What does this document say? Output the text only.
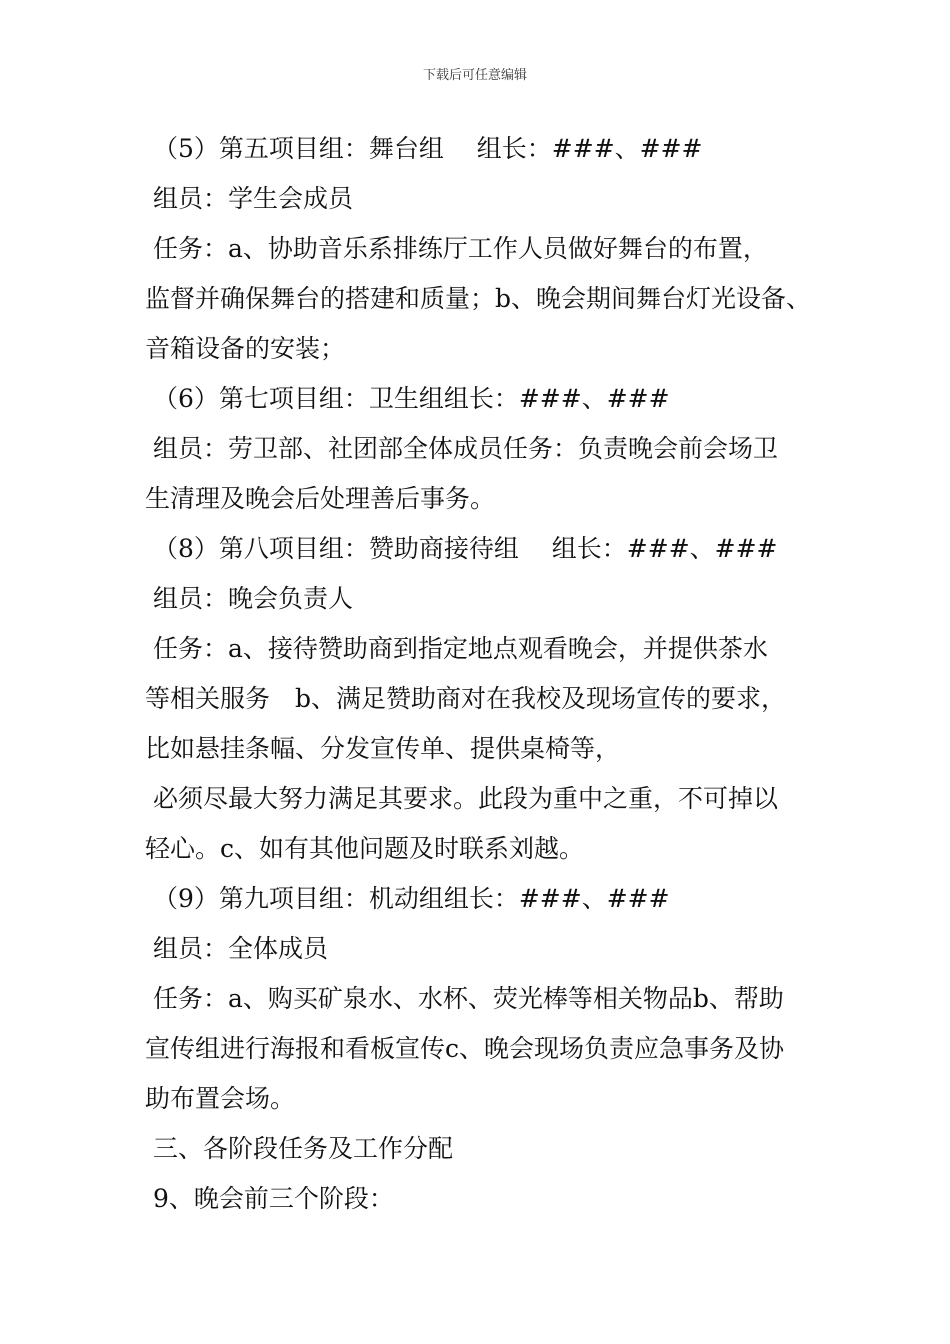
下载后可任意编辑
（5）第五项目组：舞台组　 组长：###、###
组员：学生会成员
任务：a、协助音乐系排练厅工作人员做好舞台的布置，
监督并确保舞台的搭建和质量；b、晚会期间舞台灯光设备、
音箱设备的安装；
（6）第七项目组：卫生组组长：###、###
组员：劳卫部、社团部全体成员任务：负责晚会前会场卫
生清理及晚会后处理善后事务。
（8）第八项目组：赞助商接待组　 组长：###、###
组员：晚会负责人
任务：a、接待赞助商到指定地点观看晚会，并提供茶水
等相关服务　b、满足赞助商对在我校及现场宣传的要求，
比如悬挂条幅、分发宣传单、提供桌椅等，
必须尽最大努力满足其要求。此段为重中之重，不可掉以
轻心。c、如有其他问题及时联系刘越。
（9）第九项目组：机动组组长：###、###
组员：全体成员
任务：a、购买矿泉水、水杯、荧光棒等相关物品b、帮助
宣传组进行海报和看板宣传c、晚会现场负责应急事务及协
助布置会场。
三、各阶段任务及工作分配
9、晚会前三个阶段：
